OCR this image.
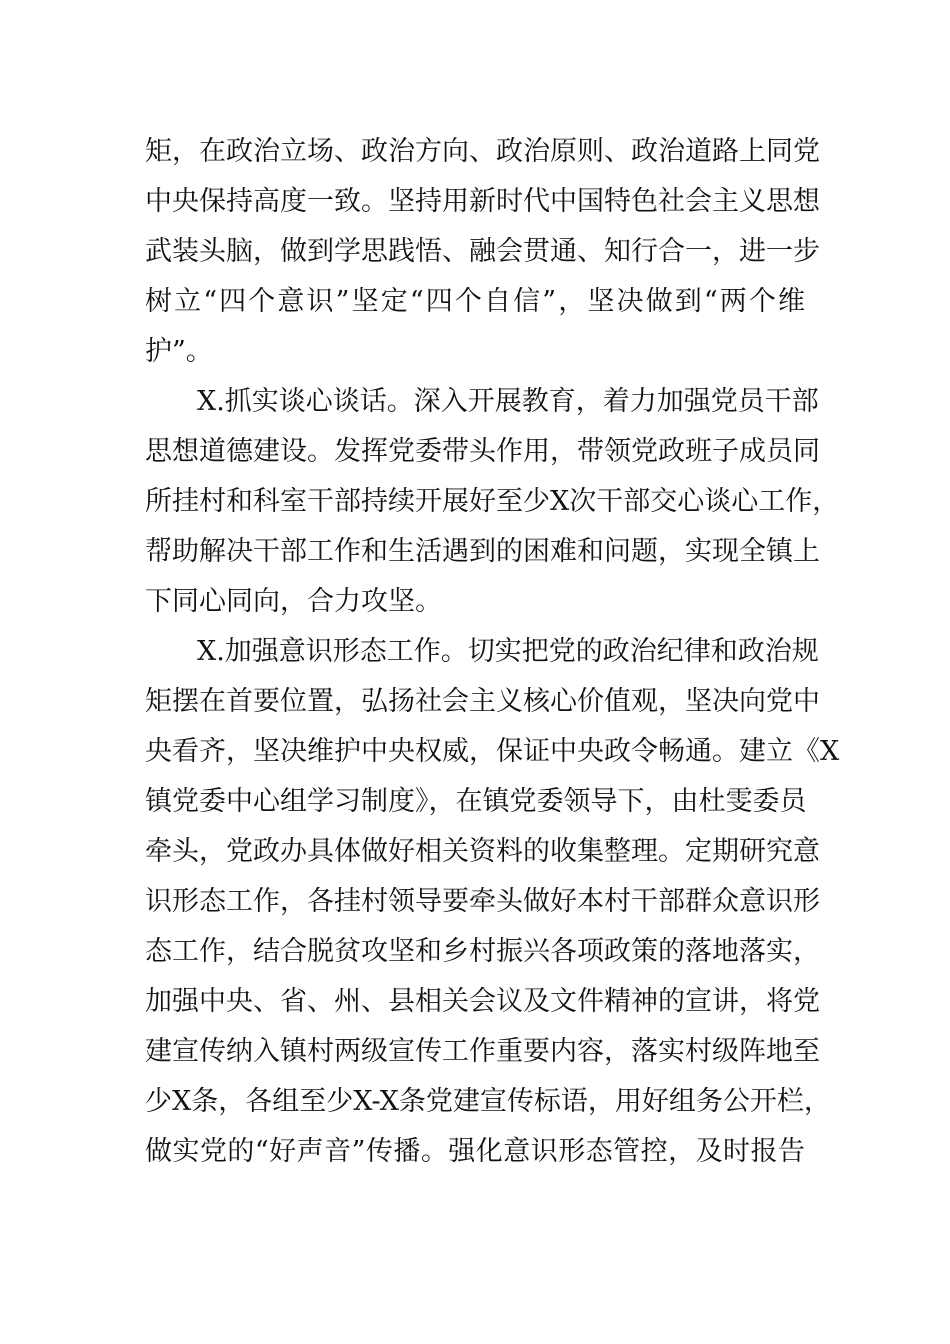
矩，在政治立场、政治方向、政治原则、政治道路上同党
中央保持高度一致。坚持用新时代中国特色社会主义思想
武装头脑，做到学思践悟、融会贯通、知行合一，进一步
树立“四个意识”坚定“四个自信”，坚决做到“两个维
护”。
X.抓实谈心谈话。深入开展教育，着力加强党员干部
思想道德建设。发挥党委带头作用，带领党政班子成员同
所挂村和科室干部持续开展好至少X次干部交心谈心工作，
帮助解决干部工作和生活遇到的困难和问题，实现全镇上
下同心同向，合力攻坚。
X.加强意识形态工作。切实把党的政治纪律和政治规
矩摆在首要位置，弘扬社会主义核心价值观，坚决向党中
央看齐，坚决维护中央权威，保证中央政令畅通。建立《X
镇党委中心组学习制度》，在镇党委领导下，由杜雯委员
牵头，党政办具体做好相关资料的收集整理。定期研究意
识形态工作，各挂村领导要牵头做好本村干部群众意识形
态工作，结合脱贫攻坚和乡村振兴各项政策的落地落实，
加强中央、省、州、县相关会议及文件精神的宣讲，将党
建宣传纳入镇村两级宣传工作重要内容，落实村级阵地至
少X条，各组至少X-X条党建宣传标语，用好组务公开栏，
做实党的“好声音”传播。强化意识形态管控，及时报告
